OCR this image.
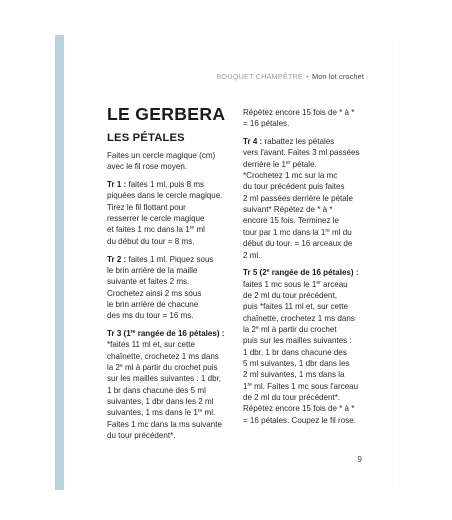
BOUQUET CHAMPÊTRE • Mon lot crochet
LE GERBERA
LES PÉTALES
Faites un cercle magique (cm)
avec le fil rose moyen.
Tr 1 : faites 1 ml, puis 8 ms
piquées dans le cercle magique.
Tirez le fil flottant pour
resserrer le cercle magique
et faites 1 mc dans la 1re ml
du début du tour = 8 ms.
Tr 2 : faites 1 ml. Piquez sous
le brin arrière de la maille
suivante et faites 2 ms.
Crochetez ainsi 2 ms sous
le brin arrière de chacune
des ms du tour = 16 ms.
Tr 3 (1re rangée de 16 pétales) :
*faites 11 ml et, sur cette
chaînette, crochetez 1 ms dans
la 2e ml à partir du crochet puis
sur les mailles suivantes : 1 dbr,
1 br dans chacune des 5 ml
suivantes, 1 dbr dans les 2 ml
suivantes, 1 ms dans le 1re ml.
Faites 1 mc dans la ms suivante
du tour précédent*.
Répétez encore 15 fois de * à *
= 16 pétales.
Tr 4 : rabattez les pétales
vers l'avant. Faites 3 ml passées
derrière le 1er pétale.
*Crochetez 1 mc sur la mc
du tour précédent puis faites
2 ml passées derrière le pétale
suivant* Répétez de * à *
encore 15 fois. Terminez le
tour par 1 mc dans la 1re ml du
début du tour. = 16 arceaux de
2 ml.
Tr 5 (2e rangée de 16 pétales) :
faites 1 mc sous le 1er arceau
de 2 ml du tour précédent,
puis *faites 11 ml et, sur cette
chaînette, crochetez 1 ms dans
la 2e ml à partir du crochet
puis sur les mailles suivantes :
1 dbr, 1 br dans chacune des
5 ml suivantes, 1 dbr dans les
2 ml suivantes, 1 ms dans la
1re ml. Faites 1 mc sous l'arceau
de 2 ml du tour précédent*.
Répétez encore 15 fois de * à *
= 16 pétales. Coupez le fil rose.
9
